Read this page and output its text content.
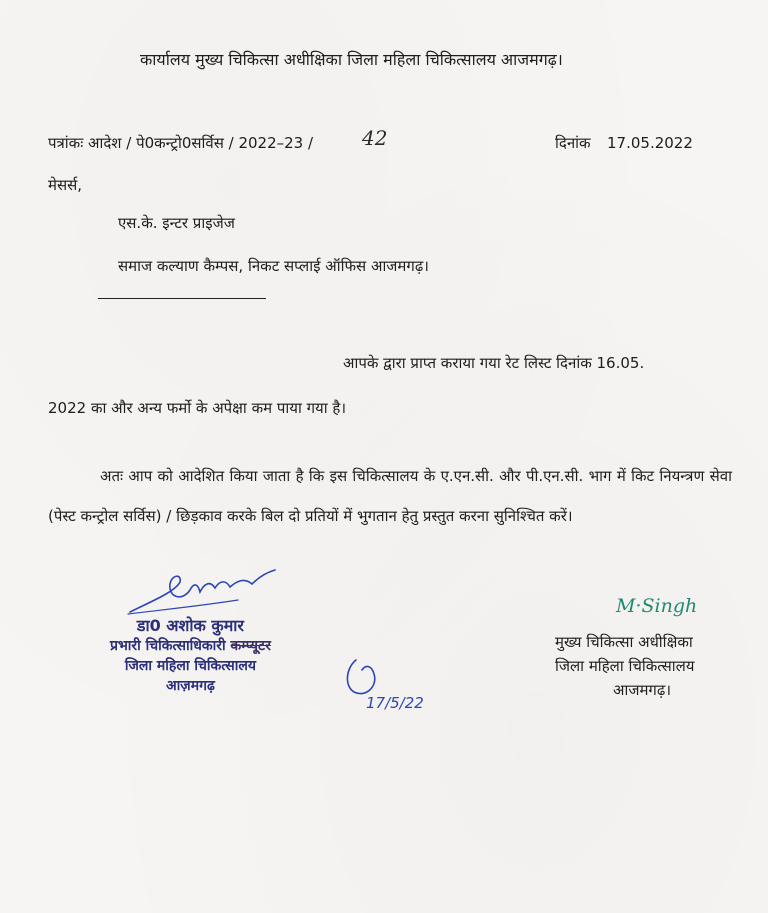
कार्यालय मुख्य चिकित्सा अधीक्षिका जिला महिला चिकित्सालय आजमगढ़।
पत्रांकः आदेश / पे0कन्ट्रो0सर्विस / 2022–23 / 42	दिनांक 17.05.2022
मेसर्स,
एस.के. इन्टर प्राइजेज
समाज कल्याण कैम्पस, निकट सप्लाई ऑफिस आजमगढ़।
आपके द्वारा प्राप्त कराया गया रेट लिस्ट दिनांक 16.05.
2022 का और अन्य फर्मो के अपेक्षा कम पाया गया है।
अतः आप को आदेशित किया जाता है कि इस चिकित्सालय के ए.एन.सी. और पी.एन.सी. भाग में किट नियन्त्रण सेवा (पेस्ट कन्ट्रोल सर्विस) / छिड़काव करके बिल दो प्रतियों में भुगतान हेतु प्रस्तुत करना सुनिश्चित करें।
डा0 अशोक कुमार
प्रभारी चिकित्साधिकारी कम्प्यू्टर
जिला महिला चिकित्सालय
आज़मगढ़
17/5/22
M·Singh
मुख्य चिकित्सा अधीक्षिका
जिला महिला चिकित्सालय
आजमगढ़।
